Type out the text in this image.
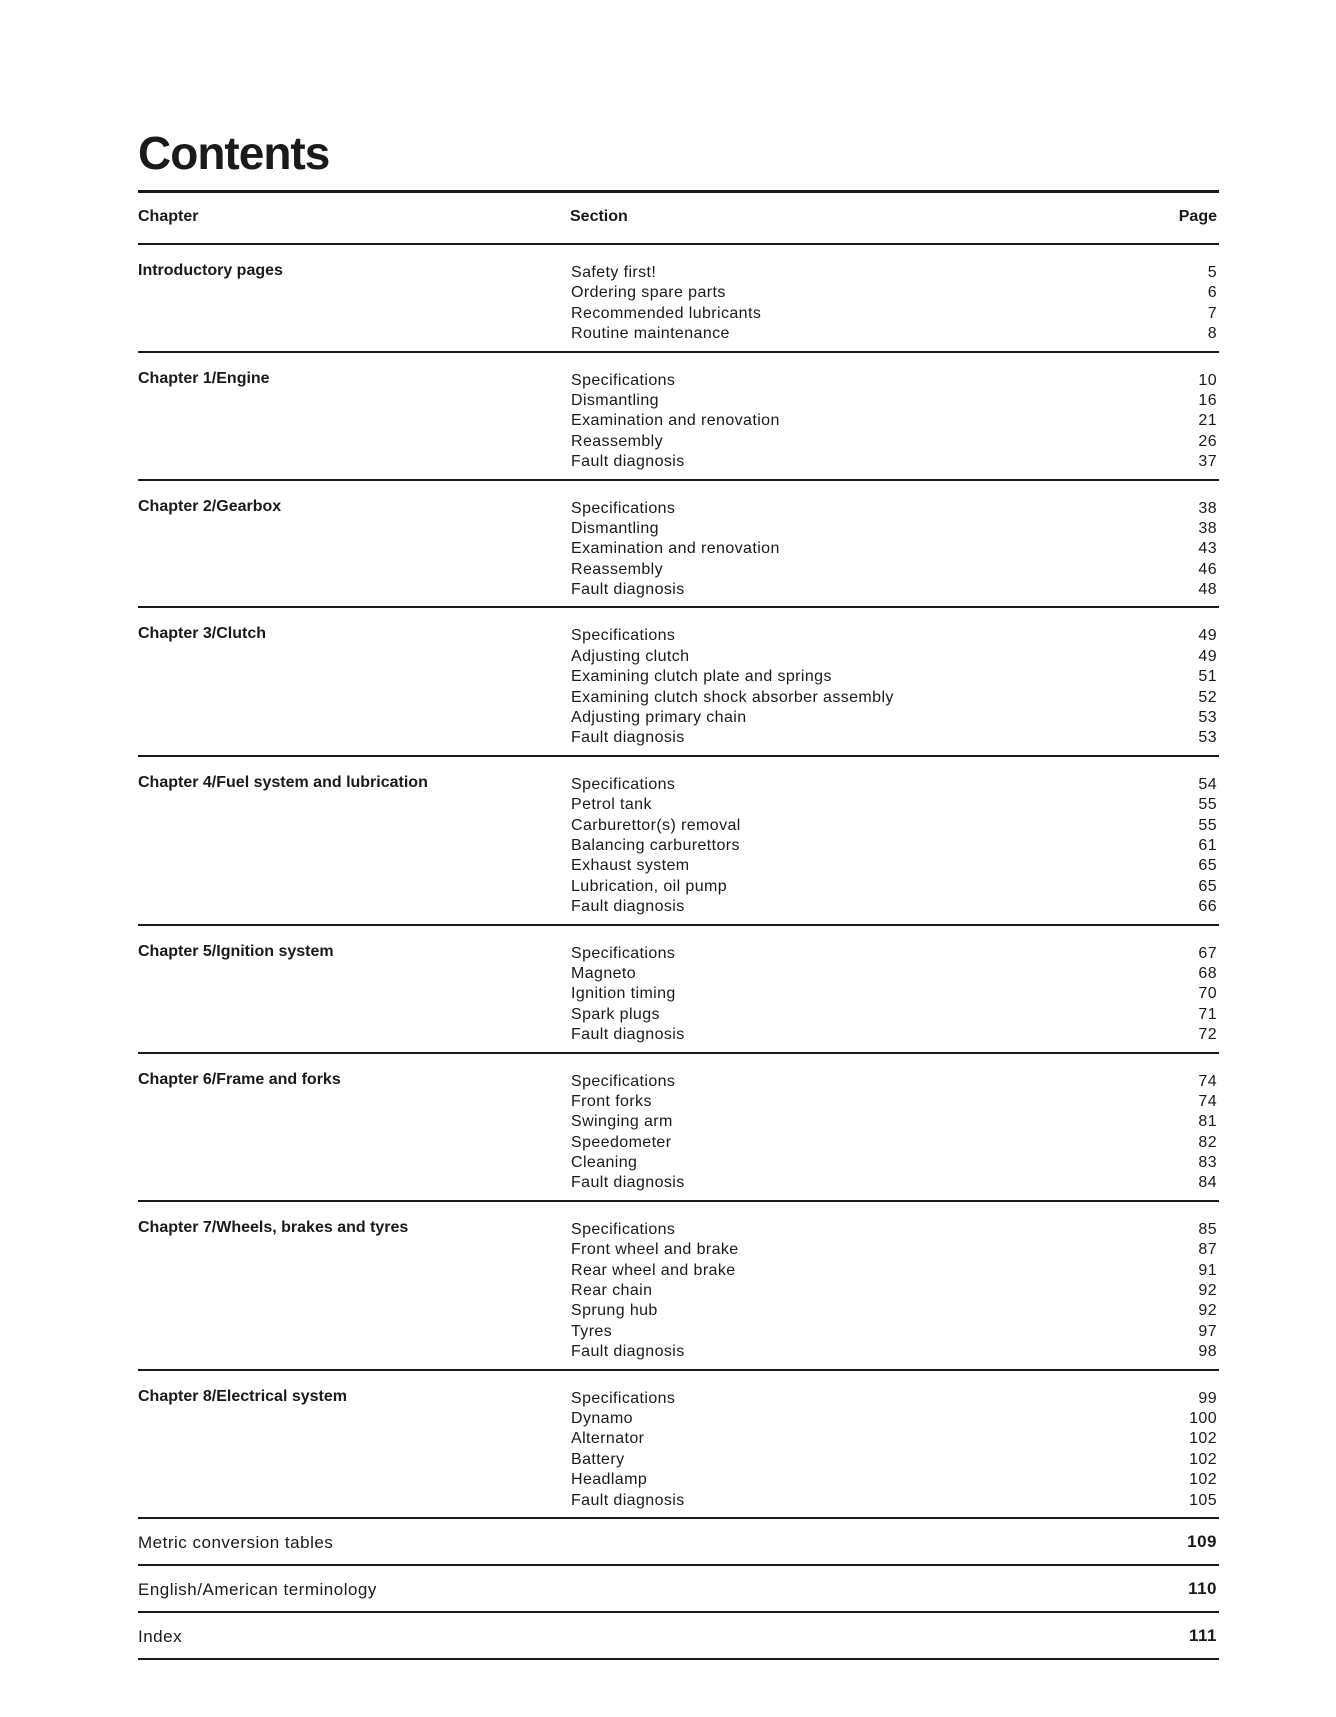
Contents
Chapter	Section	Page
Introductory pages	Safety first!	5
Ordering spare parts	6
Recommended lubricants	7
Routine maintenance	8
Chapter 1/Engine	Specifications	10
Dismantling	16
Examination and renovation	21
Reassembly	26
Fault diagnosis	37
Chapter 2/Gearbox	Specifications	38
Dismantling	38
Examination and renovation	43
Reassembly	46
Fault diagnosis	48
Chapter 3/Clutch	Specifications	49
Adjusting clutch	49
Examining clutch plate and springs	51
Examining clutch shock absorber assembly	52
Adjusting primary chain	53
Fault diagnosis	53
Chapter 4/Fuel system and lubrication	Specifications	54
Petrol tank	55
Carburettor(s) removal	55
Balancing carburettors	61
Exhaust system	65
Lubrication, oil pump	65
Fault diagnosis	66
Chapter 5/Ignition system	Specifications	67
Magneto	68
Ignition timing	70
Spark plugs	71
Fault diagnosis	72
Chapter 6/Frame and forks	Specifications	74
Front forks	74
Swinging arm	81
Speedometer	82
Cleaning	83
Fault diagnosis	84
Chapter 7/Wheels, brakes and tyres	Specifications	85
Front wheel and brake	87
Rear wheel and brake	91
Rear chain	92
Sprung hub	92
Tyres	97
Fault diagnosis	98
Chapter 8/Electrical system	Specifications	99
Dynamo	100
Alternator	102
Battery	102
Headlamp	102
Fault diagnosis	105
Metric conversion tables	109
English/American terminology	110
Index	111
